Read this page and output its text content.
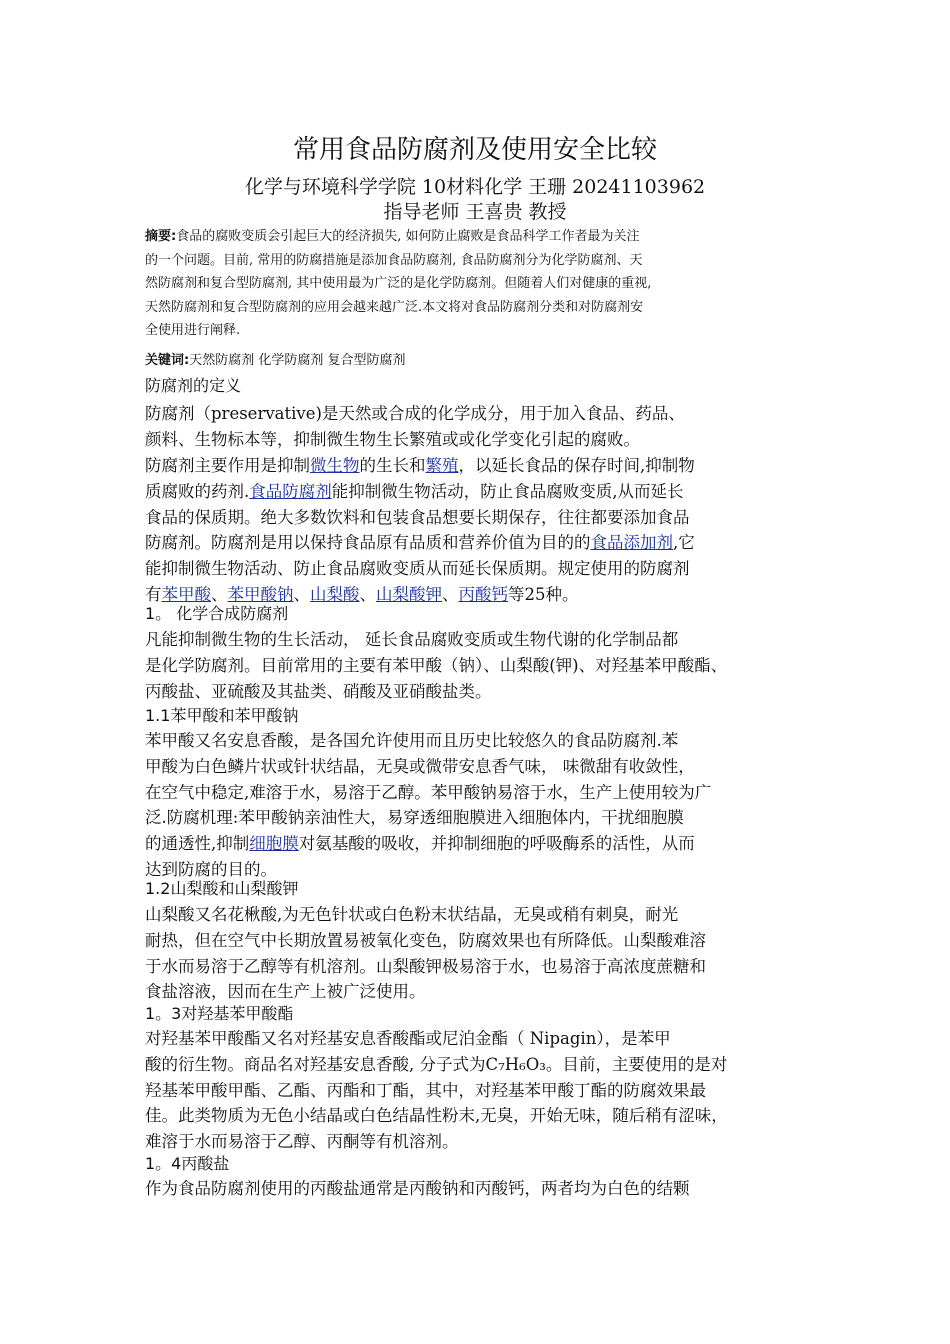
常用食品防腐剂及使用安全比较
化学与环境科学学院 10材料化学 王珊 20241103962
指导老师 王喜贵 教授
摘要:食品的腐败变质会引起巨大的经济损失, 如何防止腐败是食品科学工作者最为关注
的一个问题。目前, 常用的防腐措施是添加食品防腐剂, 食品防腐剂分为化学防腐剂、天
然防腐剂和复合型防腐剂, 其中使用最为广泛的是化学防腐剂。但随着人们对健康的重视,
天然防腐剂和复合型防腐剂的应用会越来越广泛.本文将对食品防腐剂分类和对防腐剂安
全使用进行阐释.
关键词:天然防腐剂 化学防腐剂 复合型防腐剂
防腐剂的定义
防腐剂（preservative)是天然或合成的化学成分，用于加入食品、药品、
颜料、生物标本等，抑制微生物生长繁殖或或化学变化引起的腐败。
防腐剂主要作用是抑制微生物的生长和繁殖，以延长食品的保存时间,抑制物
质腐败的药剂.食品防腐剂能抑制微生物活动，防止食品腐败变质,从而延长
食品的保质期。绝大多数饮料和包装食品想要长期保存，往往都要添加食品
防腐剂。防腐剂是用以保持食品原有品质和营养价值为目的的食品添加剂,它
能抑制微生物活动、防止食品腐败变质从而延长保质期。规定使用的防腐剂
有苯甲酸、苯甲酸钠、山梨酸、山梨酸钾、丙酸钙等25种。
1。 化学合成防腐剂
凡能抑制微生物的生长活动， 延长食品腐败变质或生物代谢的化学制品都
是化学防腐剂。目前常用的主要有苯甲酸（钠）、山梨酸(钾)、对羟基苯甲酸酯、
丙酸盐、亚硫酸及其盐类、硝酸及亚硝酸盐类。
1.1苯甲酸和苯甲酸钠
苯甲酸又名安息香酸，是各国允许使用而且历史比较悠久的食品防腐剂.苯
甲酸为白色鳞片状或针状结晶，无臭或微带安息香气味， 味微甜有收敛性，
在空气中稳定,难溶于水，易溶于乙醇。苯甲酸钠易溶于水，生产上使用较为广
泛.防腐机理:苯甲酸钠亲油性大，易穿透细胞膜进入细胞体内，干扰细胞膜
的通透性,抑制细胞膜对氨基酸的吸收，并抑制细胞的呼吸酶系的活性，从而
达到防腐的目的。
1.2山梨酸和山梨酸钾
山梨酸又名花楸酸,为无色针状或白色粉末状结晶，无臭或稍有刺臭，耐光
耐热，但在空气中长期放置易被氧化变色，防腐效果也有所降低。山梨酸难溶
于水而易溶于乙醇等有机溶剂。山梨酸钾极易溶于水，也易溶于高浓度蔗糖和
食盐溶液，因而在生产上被广泛使用。
1。3对羟基苯甲酸酯
对羟基苯甲酸酯又名对羟基安息香酸酯或尼泊金酯（ Nipagin），是苯甲
酸的衍生物。商品名对羟基安息香酸, 分子式为C₇H₆O₃。目前，主要使用的是对
羟基苯甲酸甲酯、乙酯、丙酯和丁酯，其中，对羟基苯甲酸丁酯的防腐效果最
佳。此类物质为无色小结晶或白色结晶性粉末,无臭，开始无味，随后稍有涩味，
难溶于水而易溶于乙醇、丙酮等有机溶剂。
1。4丙酸盐
作为食品防腐剂使用的丙酸盐通常是丙酸钠和丙酸钙，两者均为白色的结颗
